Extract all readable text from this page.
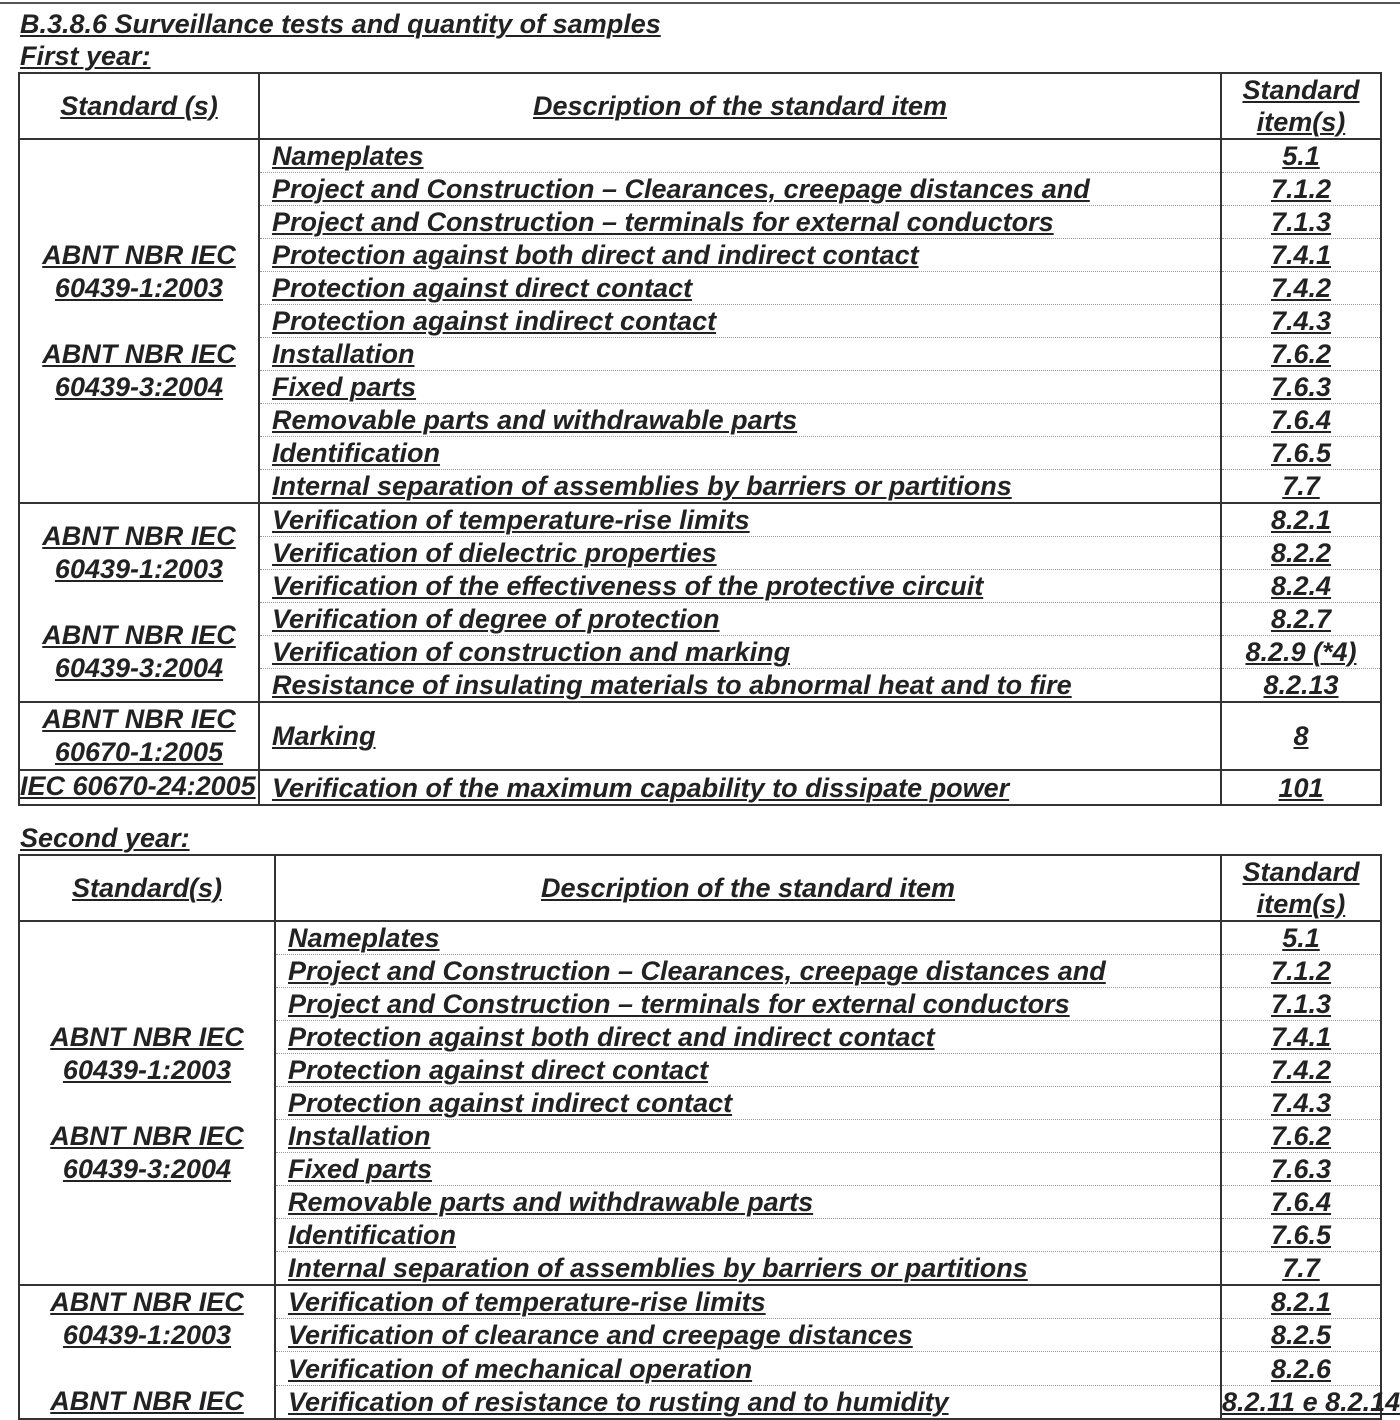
B.3.8.6 Surveillance tests and quantity of samples
First year:
Standard (s)	Description of the standard item	Standard item(s)

ABNT NBR IEC
60439-1:2003
ABNT NBR IEC
60439-3:2004	Nameplates	5.1
	Project and Construction – Clearances, creepage distances and	7.1.2
	Project and Construction – terminals for external conductors	7.1.3
	Protection against both direct and indirect contact	7.4.1
	Protection against direct contact	7.4.2
	Protection against indirect contact	7.4.3
	Installation	7.6.2
	Fixed parts	7.6.3
	Removable parts and withdrawable parts	7.6.4
	Identification	7.6.5
	Internal separation of assemblies by barriers or partitions	7.7

ABNT NBR IEC
60439-1:2003
ABNT NBR IEC
60439-3:2004	Verification of temperature-rise limits	8.2.1
	Verification of dielectric properties	8.2.2
	Verification of the effectiveness of the protective circuit	8.2.4
	Verification of degree of protection	8.2.7
	Verification of construction and marking	8.2.9 (*4)
	Resistance of insulating materials to abnormal heat and to fire	8.2.13

ABNT NBR IEC
60670-1:2005	Marking	8

IEC 60670-24:2005	Verification of the maximum capability to dissipate power	101
Second year:
Standard(s)	Description of the standard item	Standard item(s)

ABNT NBR IEC
60439-1:2003
ABNT NBR IEC
60439-3:2004	Nameplates	5.1
	Project and Construction – Clearances, creepage distances and	7.1.2
	Project and Construction – terminals for external conductors	7.1.3
	Protection against both direct and indirect contact	7.4.1
	Protection against direct contact	7.4.2
	Protection against indirect contact	7.4.3
	Installation	7.6.2
	Fixed parts	7.6.3
	Removable parts and withdrawable parts	7.6.4
	Identification	7.6.5
	Internal separation of assemblies by barriers or partitions	7.7

ABNT NBR IEC
60439-1:2003
ABNT NBR IEC	Verification of temperature-rise limits	8.2.1
	Verification of clearance and creepage distances	8.2.5
	Verification of mechanical operation	8.2.6
	Verification of resistance to rusting and to humidity	8.2.11 e 8.2.14
